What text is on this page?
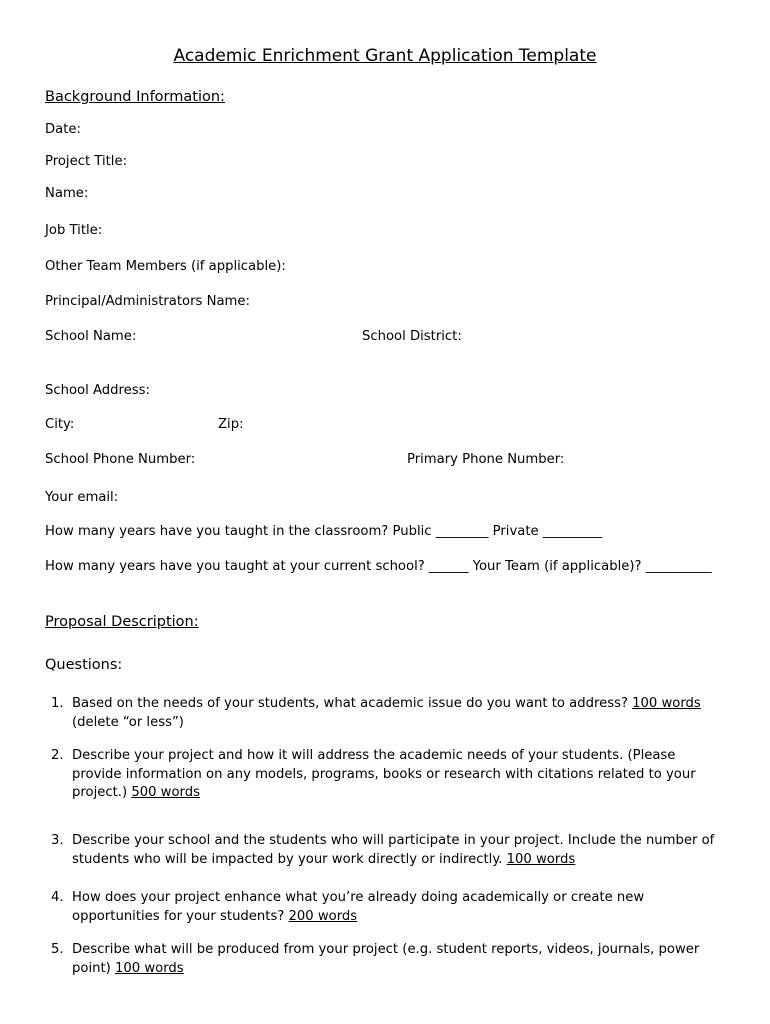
Academic Enrichment Grant Application Template
Background Information:
Date:
Project Title:
Name:
Job Title:
Other Team Members (if applicable):
Principal/Administrators Name:
School Name:	School District:
School Address:
City:	Zip:
School Phone Number:	Primary Phone Number:
Your email:
How many years have you taught in the classroom? Public ________ Private _________
How many years have you taught at your current school? ______ Your Team (if applicable)? __________
Proposal Description:
Questions:
1. Based on the needs of your students, what academic issue do you want to address? 100 words
(delete “or less”)
2. Describe your project and how it will address the academic needs of your students. (Please provide information on any models, programs, books or research with citations related to your project.) 500 words
3. Describe your school and the students who will participate in your project. Include the number of students who will be impacted by your work directly or indirectly. 100 words
4. How does your project enhance what you’re already doing academically or create new opportunities for your students? 200 words
5. Describe what will be produced from your project (e.g. student reports, videos, journals, power point) 100 words
